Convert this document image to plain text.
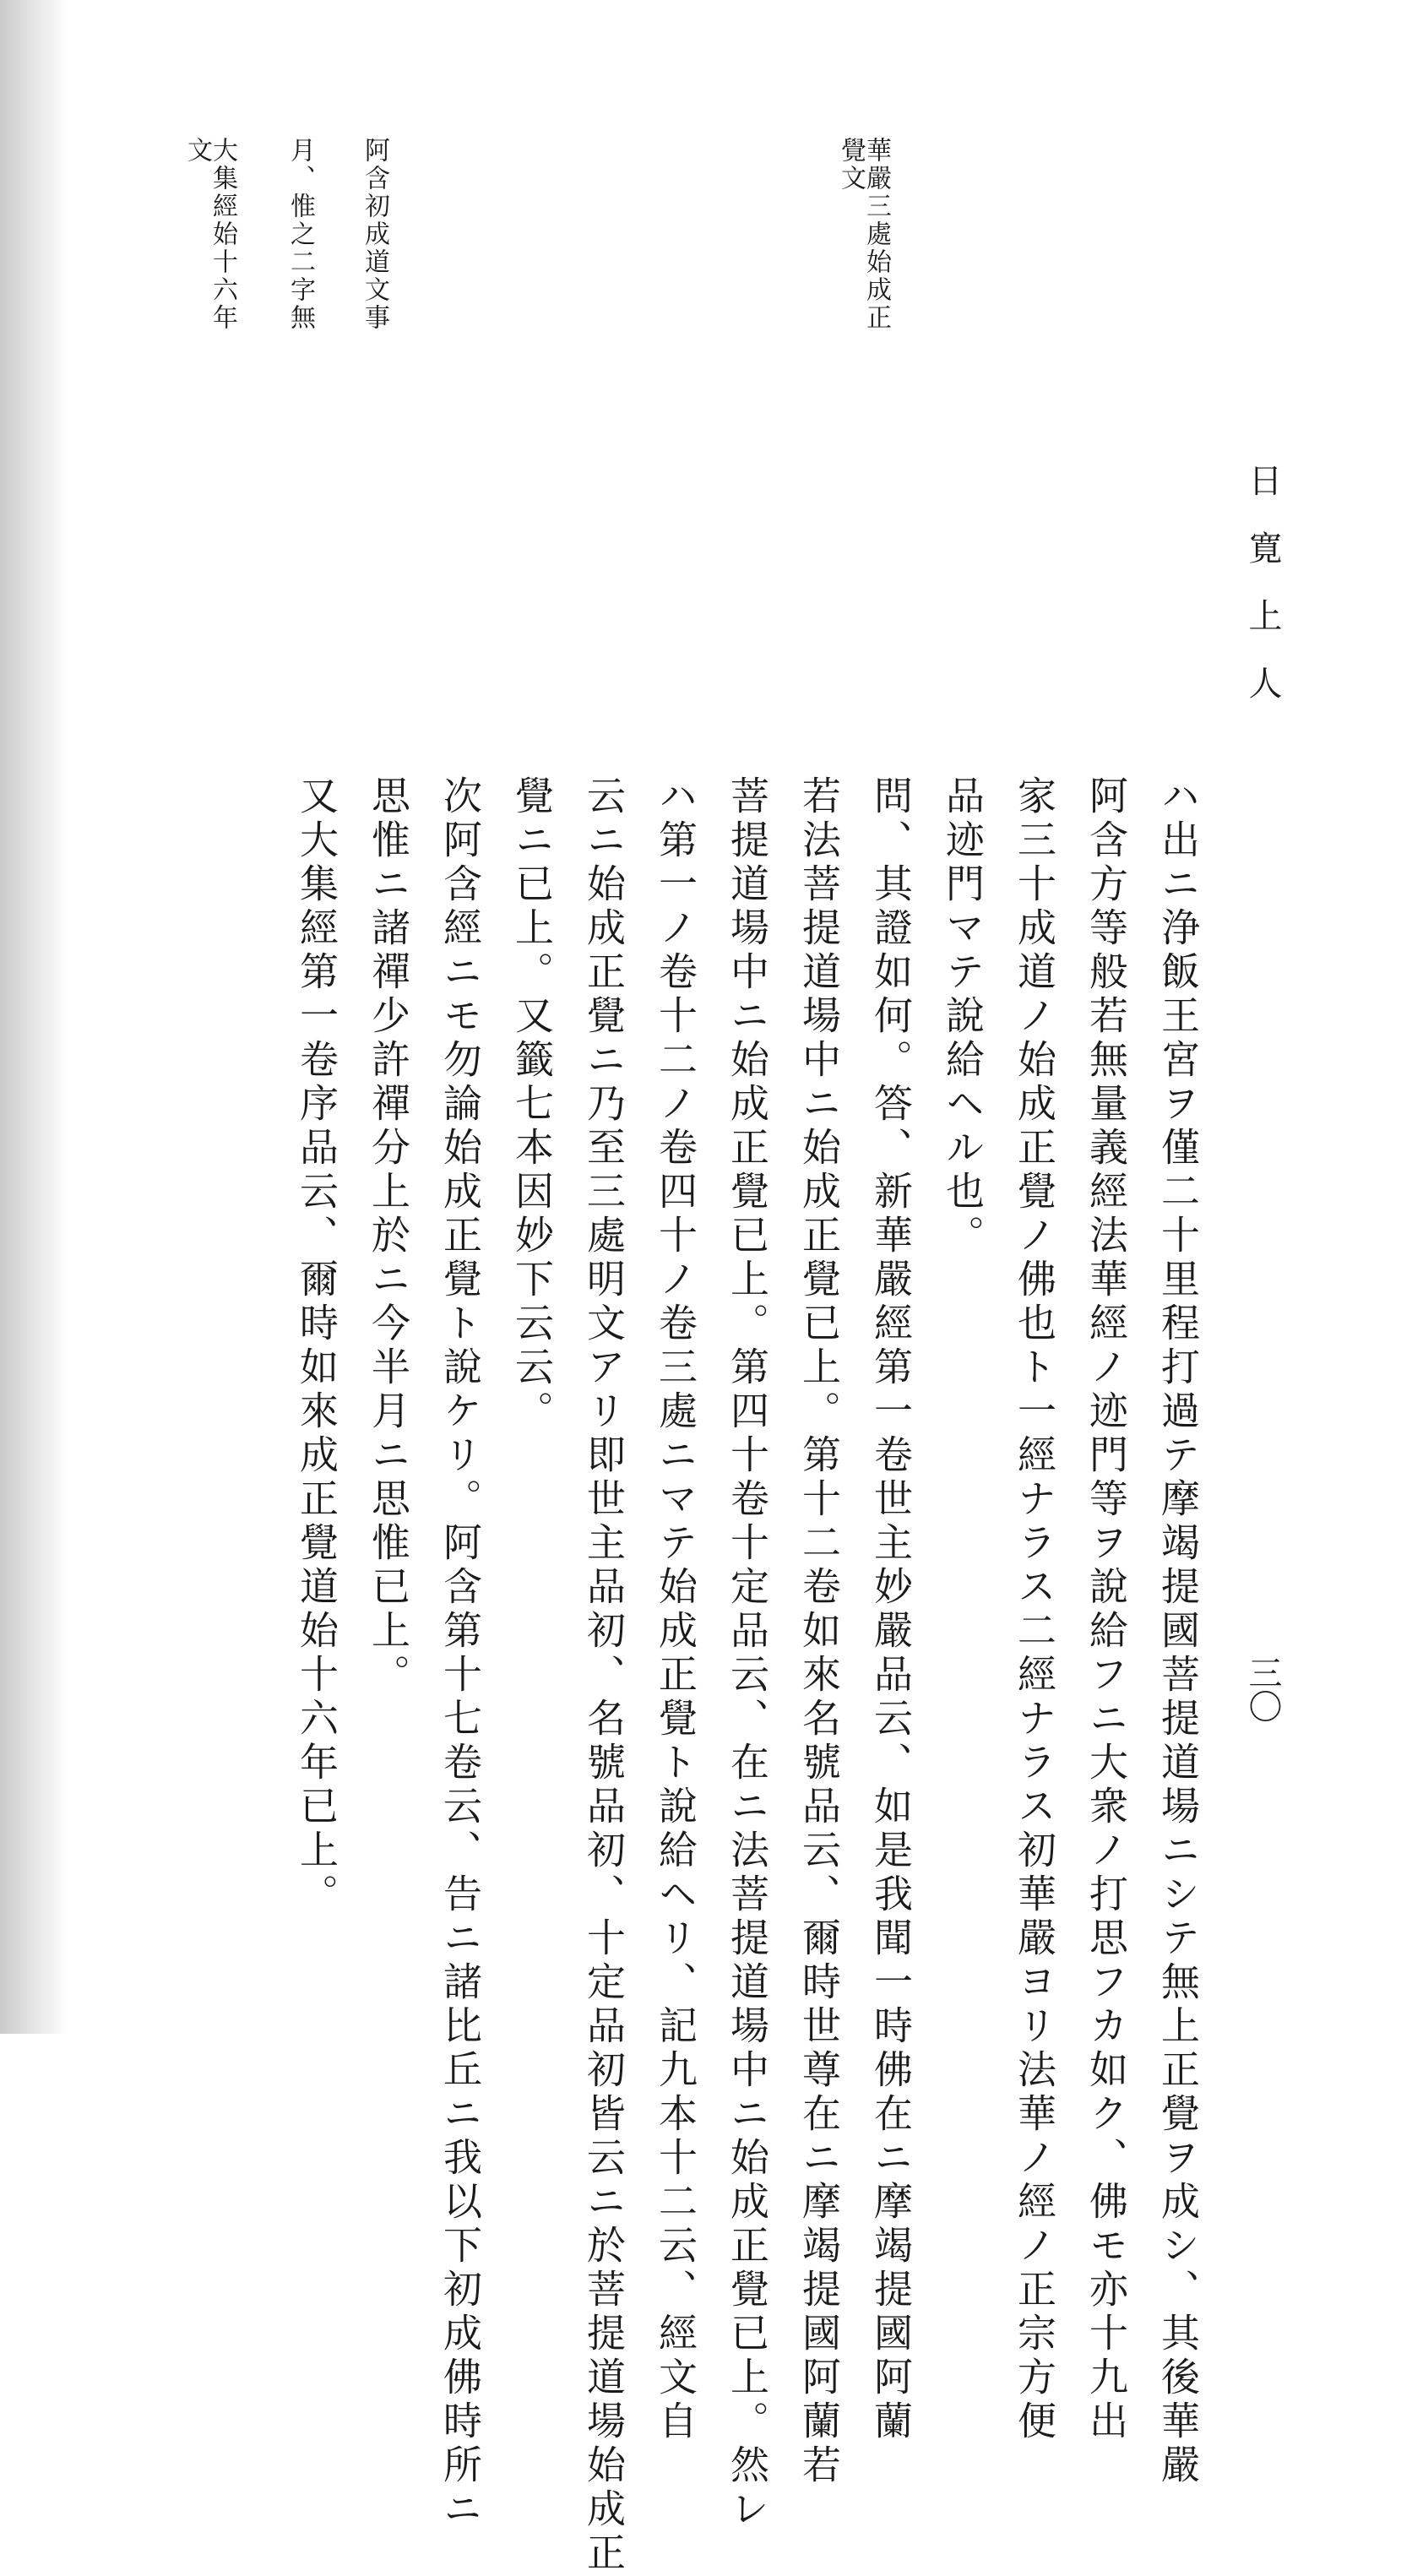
日寛上人
三〇
ハ出ニ浄飯王宮ヲ僅二十里程打過テ摩竭提國菩提道場ニシテ無上正覺ヲ成シ、其後華嚴
阿含方等般若無量義經法華經ノ迹門等ヲ說給フニ大衆ノ打思フカ如ク、佛モ亦十九出
家三十成道ノ始成正覺ノ佛也ト一經ナラス二經ナラス初華嚴ヨリ法華ノ經ノ正宗方便
品迹門マテ說給ヘル也。
問、其證如何。答、新華嚴經第一卷世主妙嚴品云、如是我聞一時佛在ニ摩竭提國阿蘭
若法菩提道場中ニ始成正覺已上。第十二卷如來名號品云、爾時世尊在ニ摩竭提國阿蘭若
菩提道場中ニ始成正覺已上。第四十卷十定品云、在ニ法菩提道場中ニ始成正覺已上。然レ
ハ第一ノ卷十二ノ卷四十ノ卷三處ニマテ始成正覺ト說給ヘリ、記九本十二云、經文自
云ニ始成正覺ニ乃至三處明文アリ即世主品初、名號品初、十定品初皆云ニ於菩提道場始成正
覺ニ已上。又籤七本因妙下云云。
次阿含經ニモ勿論始成正覺ト說ケリ。阿含第十七卷云、告ニ諸比丘ニ我以下初成佛時所ニ
思惟ニ諸禪少許禪分上於ニ今半月ニ思惟已上。
又大集經第一卷序品云、爾時如來成正覺道始十六年已上。
華嚴三處始成正
覺文
阿含初成道文事
月、惟之二字無
大集經始十六年
文
